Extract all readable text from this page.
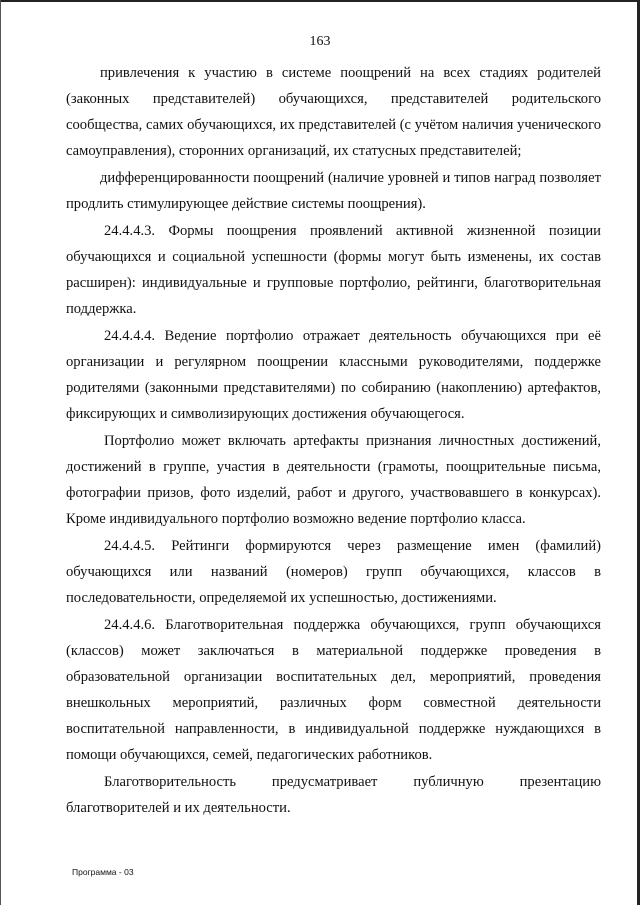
163

привлечения к участию в системе поощрений на всех стадиях родителей (законных представителей) обучающихся, представителей родительского сообщества, самих обучающихся, их представителей (с учётом наличия ученического самоуправления), сторонних организаций, их статусных представителей;

дифференцированности поощрений (наличие уровней и типов наград позволяет продлить стимулирующее действие системы поощрения).

24.4.4.3. Формы поощрения проявлений активной жизненной позиции обучающихся и социальной успешности (формы могут быть изменены, их состав расширен): индивидуальные и групповые портфолио, рейтинги, благотворительная поддержка.

24.4.4.4. Ведение портфолио отражает деятельность обучающихся при её организации и регулярном поощрении классными руководителями, поддержке родителями (законными представителями) по собиранию (накоплению) артефактов, фиксирующих и символизирующих достижения обучающегося.

Портфолио может включать артефакты признания личностных достижений, достижений в группе, участия в деятельности (грамоты, поощрительные письма, фотографии призов, фото изделий, работ и другого, участвовавшего в конкурсах). Кроме индивидуального портфолио возможно ведение портфолио класса.

24.4.4.5. Рейтинги формируются через размещение имен (фамилий) обучающихся или названий (номеров) групп обучающихся, классов в последовательности, определяемой их успешностью, достижениями.

24.4.4.6. Благотворительная поддержка обучающихся, групп обучающихся (классов) может заключаться в материальной поддержке проведения в образовательной организации воспитательных дел, мероприятий, проведения внешкольных мероприятий, различных форм совместной деятельности воспитательной направленности, в индивидуальной поддержке нуждающихся в помощи обучающихся, семей, педагогических работников.

Благотворительность предусматривает публичную презентацию благотворителей и их деятельности.

Программа - 03
